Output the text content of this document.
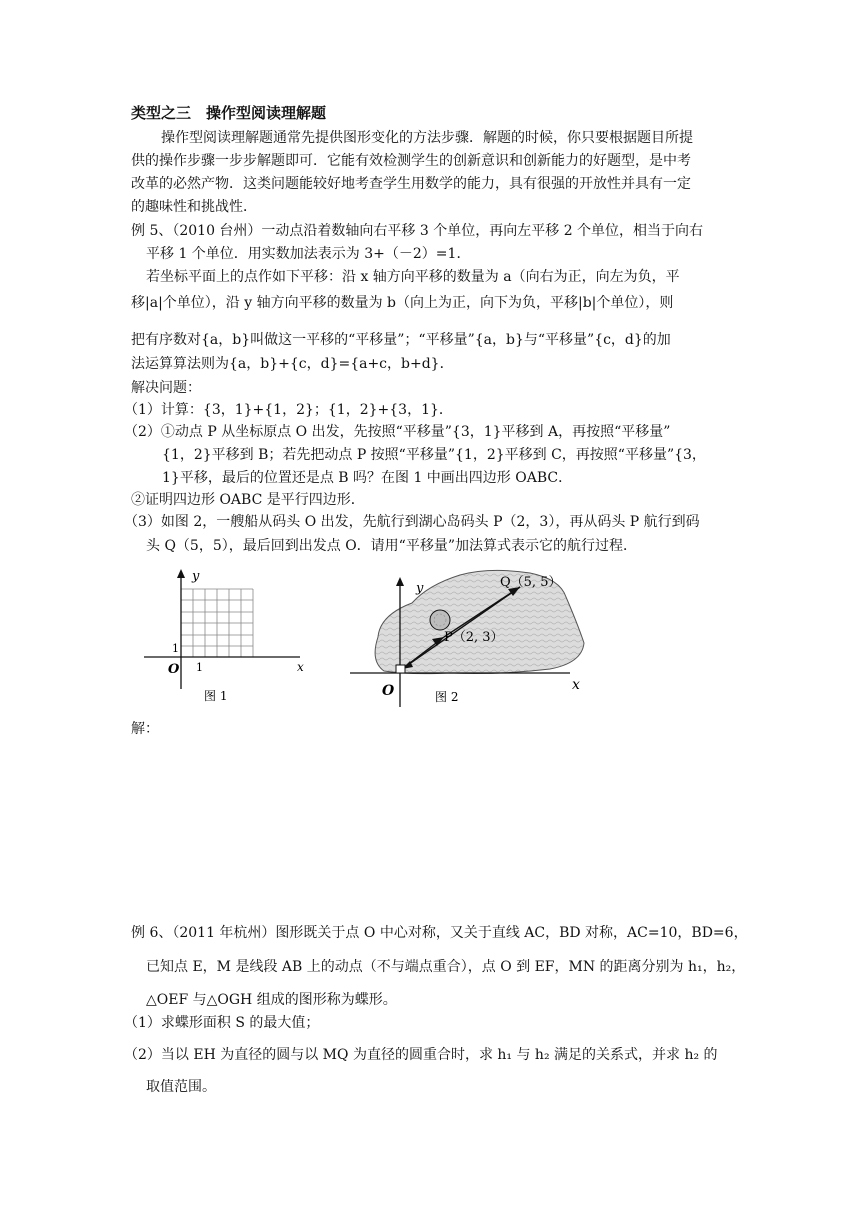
类型之三　操作型阅读理解题
操作型阅读理解题通常先提供图形变化的方法步骤．解题的时候，你只要根据题目所提
供的操作步骤一步步解题即可．它能有效检测学生的创新意识和创新能力的好题型，是中考
改革的必然产物．这类问题能较好地考查学生用数学的能力，具有很强的开放性并具有一定
的趣味性和挑战性．
例 5、（2010 台州）一动点沿着数轴向右平移 3 个单位，再向左平移 2 个单位，相当于向右
平移 1 个单位．用实数加法表示为 3+（－2）=1．
若坐标平面上的点作如下平移：沿 x 轴方向平移的数量为 a（向右为正，向左为负，平
移|a|个单位），沿 y 轴方向平移的数量为 b（向上为正，向下为负，平移|b|个单位），则
把有序数对{a，b}叫做这一平移的“平移量”；“平移量”{a，b}与“平移量”{c，d}的加
法运算算法则为{a，b}+{c，d}={a+c，b+d}．
解决问题：
（1）计算：{3，1}+{1，2}；{1，2}+{3，1}．
（2）①动点 P 从坐标原点 O 出发，先按照“平移量”{3，1}平移到 A，再按照“平移量”
{1，2}平移到 B；若先把动点 P 按照“平移量”{1，2}平移到 C，再按照“平移量”{3，
1}平移，最后的位置还是点 B 吗？在图 1 中画出四边形 OABC．
②证明四边形 OABC 是平行四边形．
（3）如图 2，一艘船从码头 O 出发，先航行到湖心岛码头 P（2，3），再从码头 P 航行到码
头 Q（5，5），最后回到出发点 O．请用“平移量”加法算式表示它的航行过程．
y
x
O 1
1
图 1
y
x
O
Q（5, 5）
P（2, 3）
图 2
解：
例 6、（2011 年杭州）图形既关于点 O 中心对称，又关于直线 AC，BD 对称，AC=10，BD=6，
已知点 E，M 是线段 AB 上的动点（不与端点重合），点 O 到 EF，MN 的距离分别为 h₁，h₂，
△OEF 与△OGH 组成的图形称为蝶形。
（1）求蝶形面积 S 的最大值；
（2）当以 EH 为直径的圆与以 MQ 为直径的圆重合时，求 h₁ 与 h₂ 满足的关系式，并求 h₂ 的
取值范围。
